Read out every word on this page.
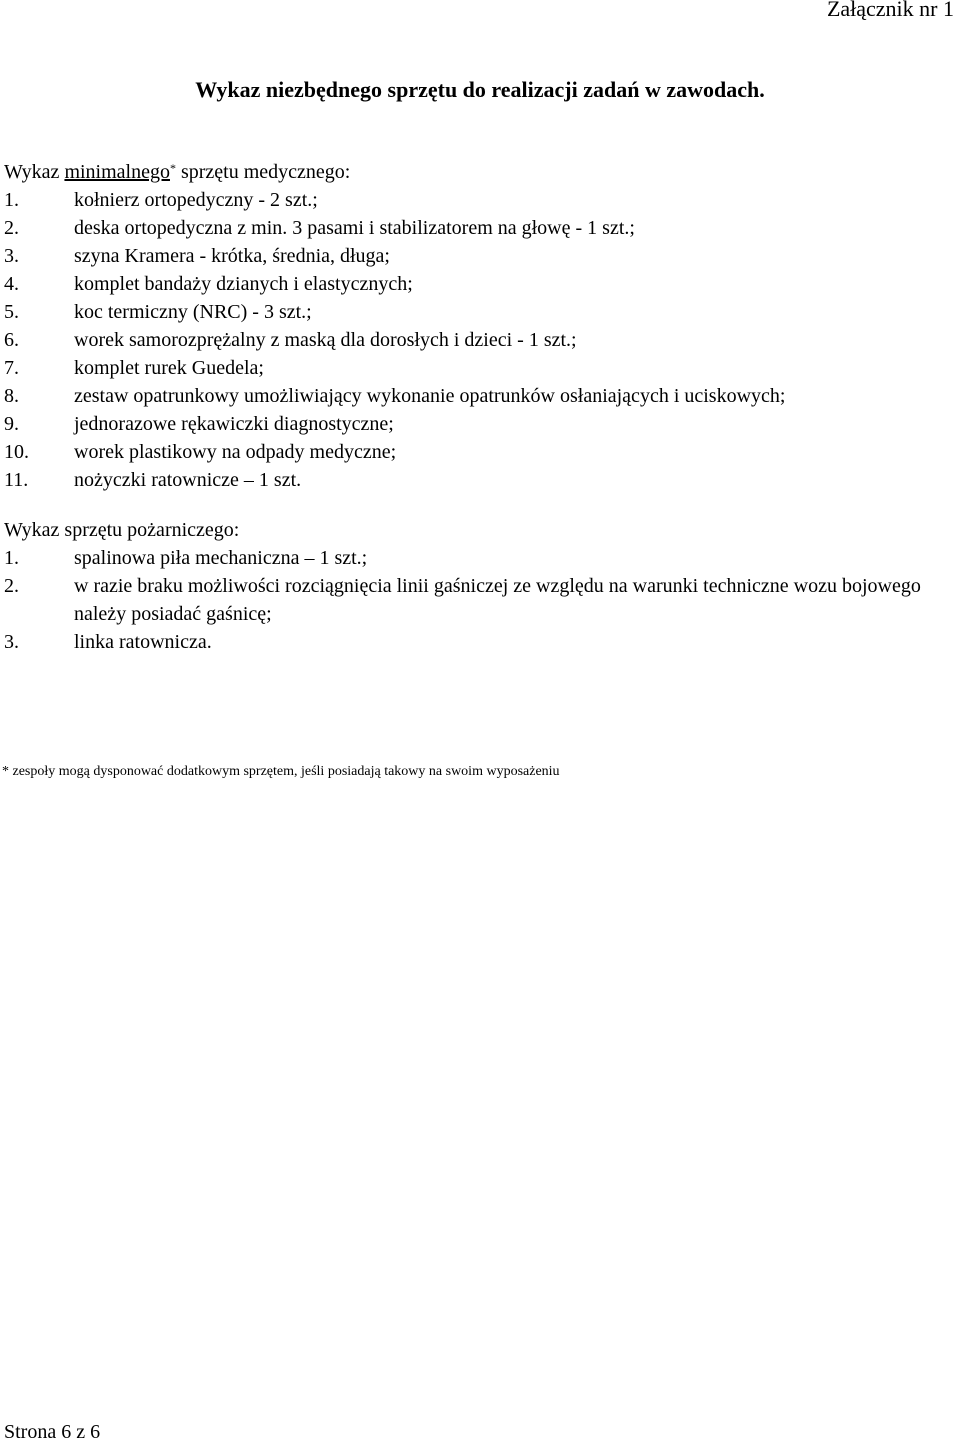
Załącznik nr 1
Wykaz niezbędnego sprzętu do realizacji zadań w zawodach.
Wykaz minimalnego* sprzętu medycznego:
1.	kołnierz ortopedyczny - 2 szt.;
2.	deska ortopedyczna z min. 3 pasami i stabilizatorem na głowę - 1 szt.;
3.	szyna Kramera - krótka, średnia, długa;
4.	komplet bandaży dzianych i elastycznych;
5.	koc termiczny (NRC) - 3 szt.;
6.	worek samorozprężalny z maską dla dorosłych i dzieci - 1 szt.;
7.	komplet rurek Guedela;
8.	zestaw opatrunkowy umożliwiający wykonanie opatrunków osłaniających i uciskowych;
9.	jednorazowe rękawiczki diagnostyczne;
10.	worek plastikowy na odpady medyczne;
11.	nożyczki ratownicze – 1 szt.
Wykaz sprzętu pożarniczego:
1.	spalinowa piła mechaniczna – 1 szt.;
2.	w razie braku możliwości rozciągnięcia linii gaśniczej ze względu na warunki techniczne wozu bojowego należy posiadać gaśnicę;
3.	linka ratownicza.
* zespoły mogą dysponować dodatkowym sprzętem, jeśli posiadają takowy na swoim wyposażeniu
Strona 6 z 6
